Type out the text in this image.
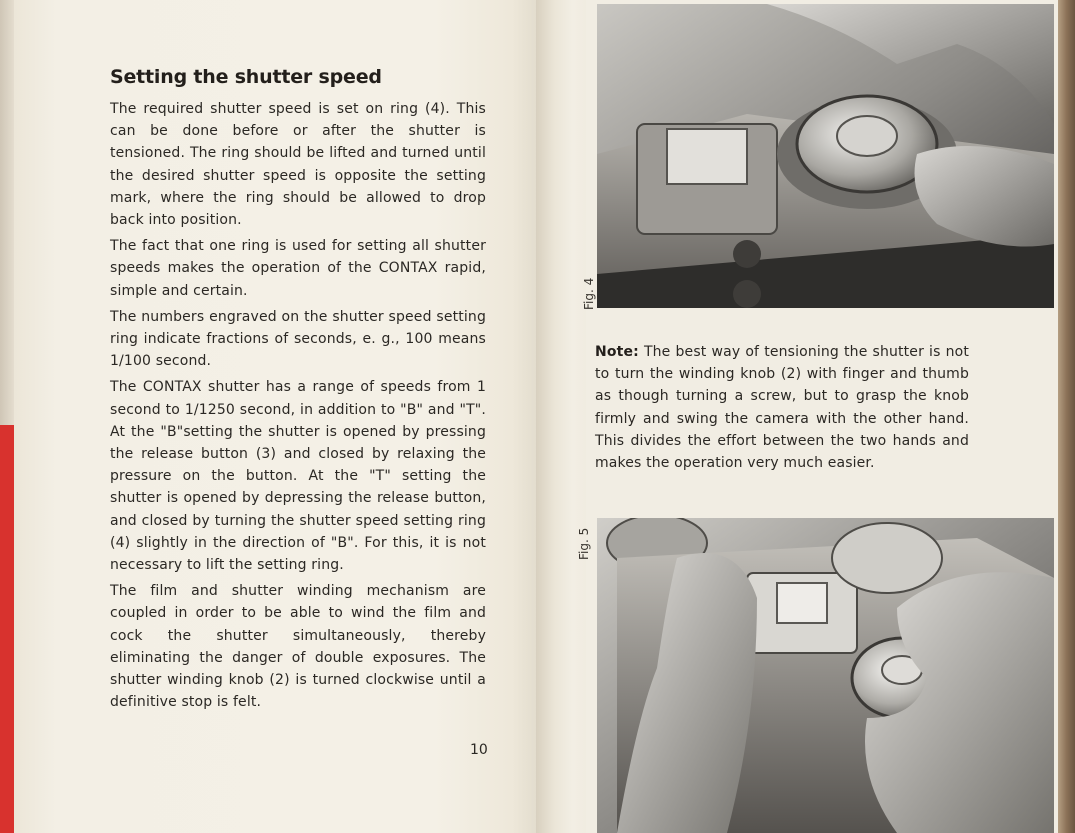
Setting the shutter speed

The required shutter speed is set on ring (4). This can be done before or after the shutter is tensioned. The ring should be lifted and turned until the desired shutter speed is opposite the setting mark, where the ring should be allowed to drop back into position.

The fact that one ring is used for setting all shutter speeds makes the operation of the CONTAX rapid, simple and certain.

The numbers engraved on the shutter speed setting ring indicate fractions of seconds, e. g., 100 means 1/100 second.

The CONTAX shutter has a range of speeds from 1 second to 1/1250 second, in addition to "B" and "T". At the "B"setting the shutter is opened by pressing the release button (3) and closed by relaxing the pressure on the button. At the "T" setting the shutter is opened by depressing the release button, and closed by turning the shutter speed setting ring (4) slightly in the direction of "B". For this, it is not necessary to lift the setting ring.

The film and shutter winding mechanism are coupled in order to be able to wind the film and cock the shutter simultaneously, thereby eliminating the danger of double exposures. The shutter winding knob (2) is turned clockwise until a definitive stop is felt.

10
Fig. 4
Note: The best way of tensioning the shutter is not to turn the winding knob (2) with finger and thumb as though turning a screw, but to grasp the knob firmly and swing the camera with the other hand. This divides the effort between the two hands and makes the operation very much easier.
Fig. 5
